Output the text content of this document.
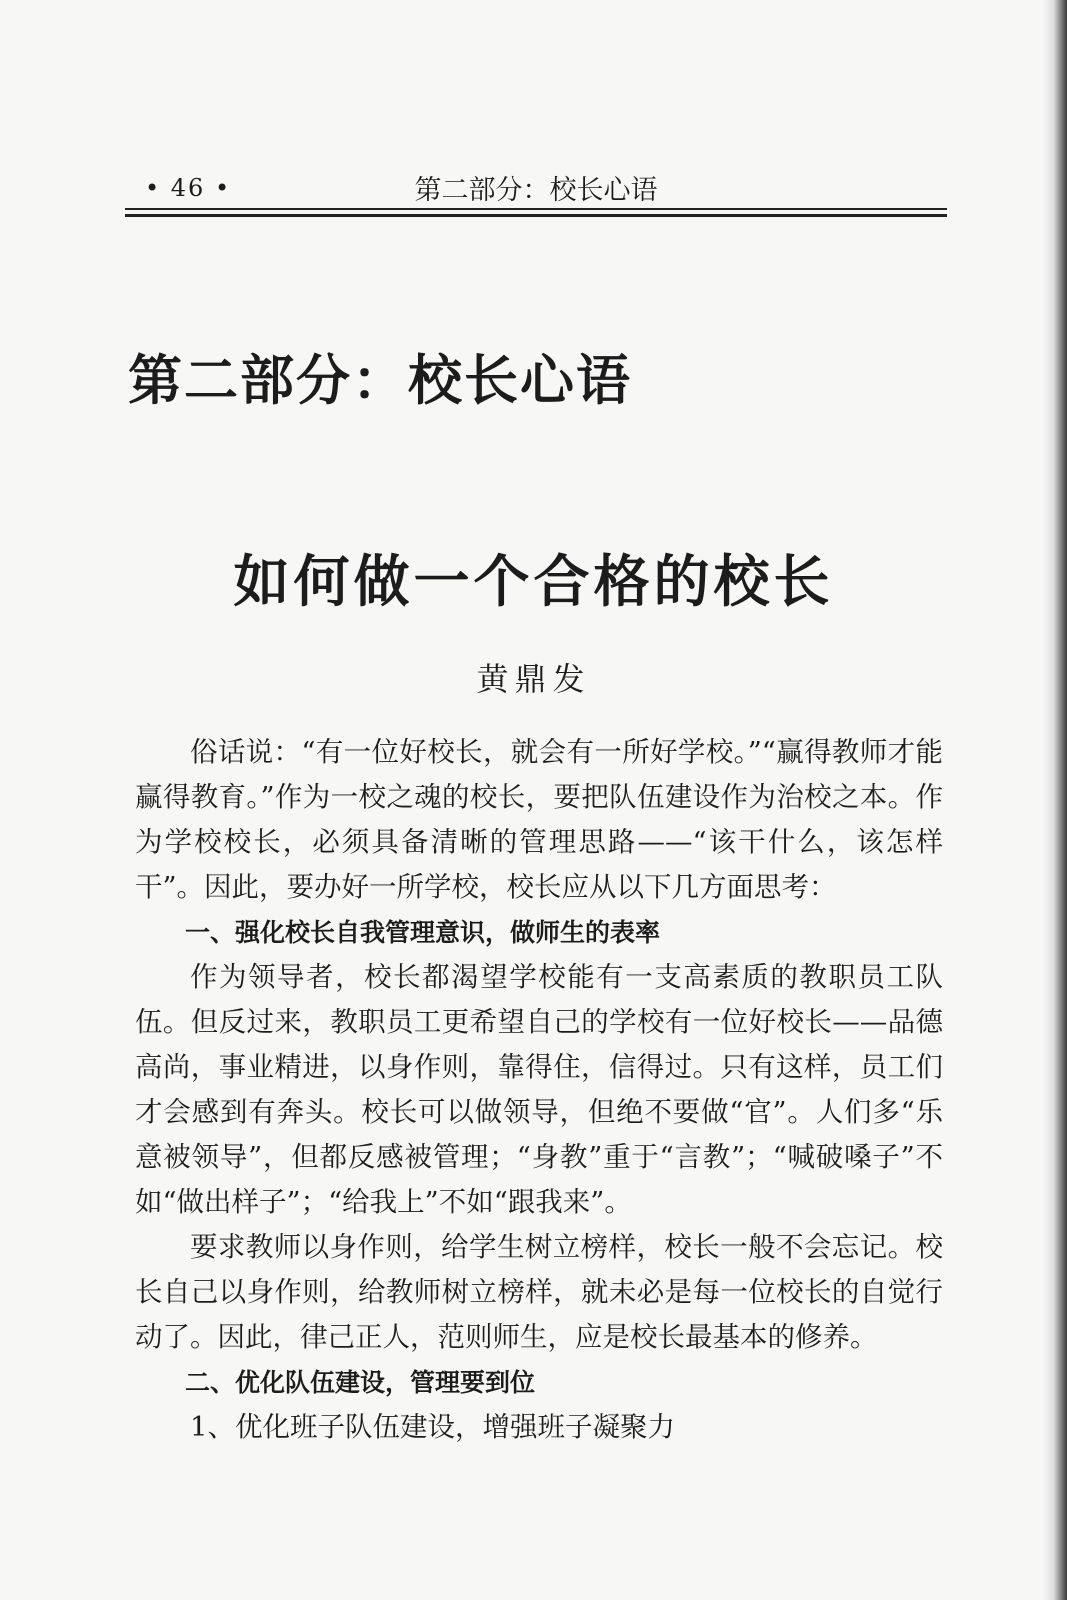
• 46 •	第二部分：校长心语
第二部分：校长心语
如何做一个合格的校长
黄鼎发

俗话说：“有一位好校长，就会有一所好学校。”“赢得教师才能赢得教育。”作为一校之魂的校长，要把队伍建设作为治校之本。作为学校校长，必须具备清晰的管理思路——“该干什么，该怎样干”。因此，要办好一所学校，校长应从以下几方面思考：

一、强化校长自我管理意识，做师生的表率

作为领导者，校长都渴望学校能有一支高素质的教职员工队伍。但反过来，教职员工更希望自己的学校有一位好校长——品德高尚，事业精进，以身作则，靠得住，信得过。只有这样，员工们才会感到有奔头。校长可以做领导，但绝不要做“官”。人们多“乐意被领导”，但都反感被管理；“身教”重于“言教”；“喊破嗓子”不如“做出样子”；“给我上”不如“跟我来”。

要求教师以身作则，给学生树立榜样，校长一般不会忘记。校长自己以身作则，给教师树立榜样，就未必是每一位校长的自觉行动了。因此，律己正人，范则师生，应是校长最基本的修养。

二、优化队伍建设，管理要到位

1、优化班子队伍建设，增强班子凝聚力
